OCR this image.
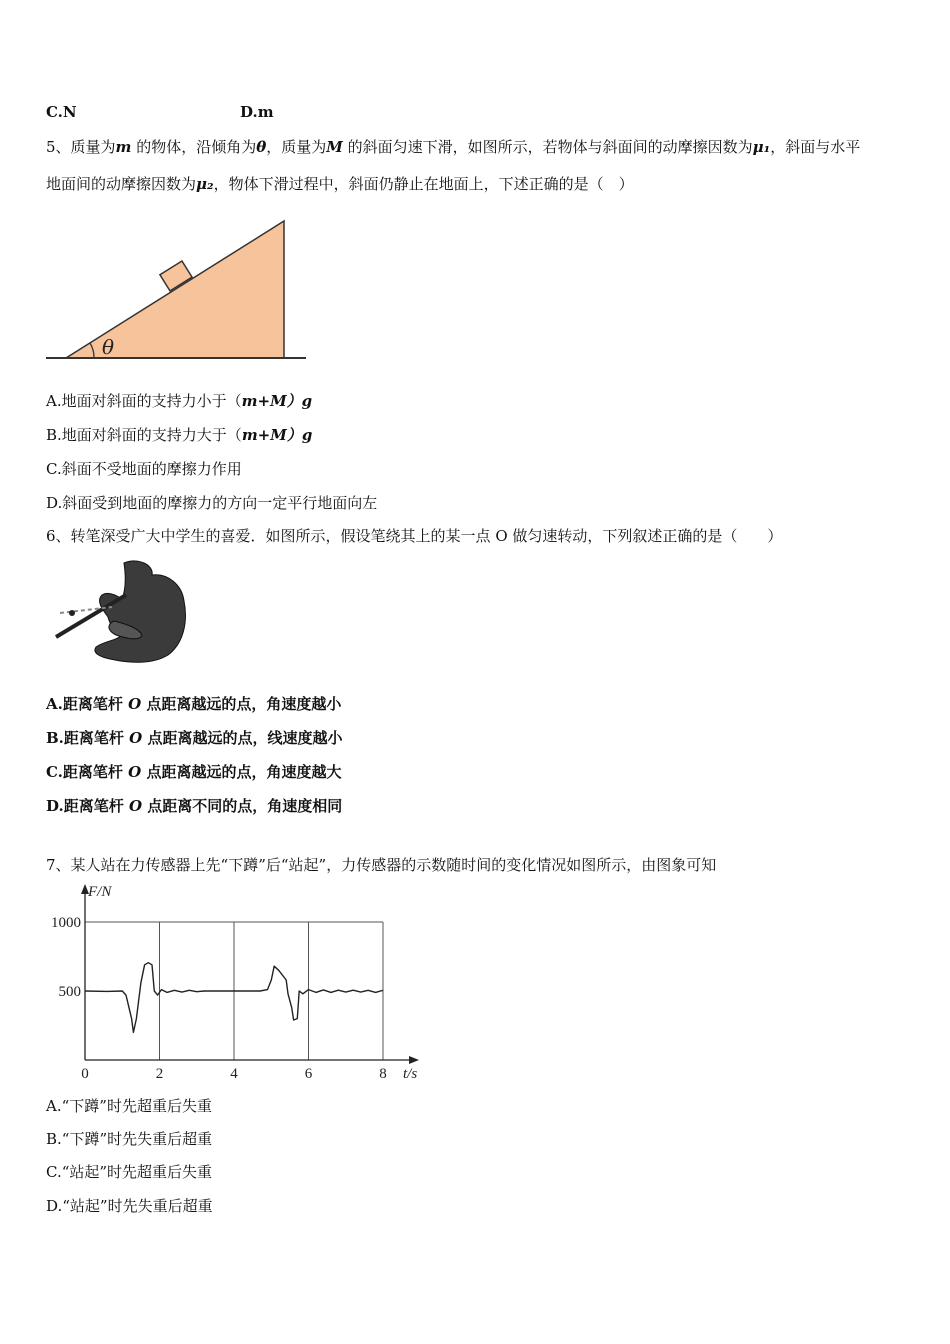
C.N	D.m
5、质量为m 的物体，沿倾角为θ，质量为M 的斜面匀速下滑，如图所示，若物体与斜面间的动摩擦因数为μ₁，斜面与水平
地面间的动摩擦因数为μ₂，物体下滑过程中，斜面仍静止在地面上，下述正确的是（　）
θ
A.地面对斜面的支持力小于（m+M）g
B.地面对斜面的支持力大于（m+M）g
C.斜面不受地面的摩擦力作用
D.斜面受到地面的摩擦力的方向一定平行地面向左
6、转笔深受广大中学生的喜爱．如图所示，假设笔绕其上的某一点 O 做匀速转动，下列叙述正确的是（　　）
A.距离笔杆 O 点距离越远的点，角速度越小
B.距离笔杆 O 点距离越远的点，线速度越小
C.距离笔杆 O 点距离越远的点，角速度越大
D.距离笔杆 O 点距离不同的点，角速度相同
7、某人站在力传感器上先“下蹲”后“站起”，力传感器的示数随时间的变化情况如图所示，由图象可知
0	2	4	6	8
500
1000
F/N
t/s
A.“下蹲”时先超重后失重
B.“下蹲”时先失重后超重
C.“站起”时先超重后失重
D.“站起”时先失重后超重
